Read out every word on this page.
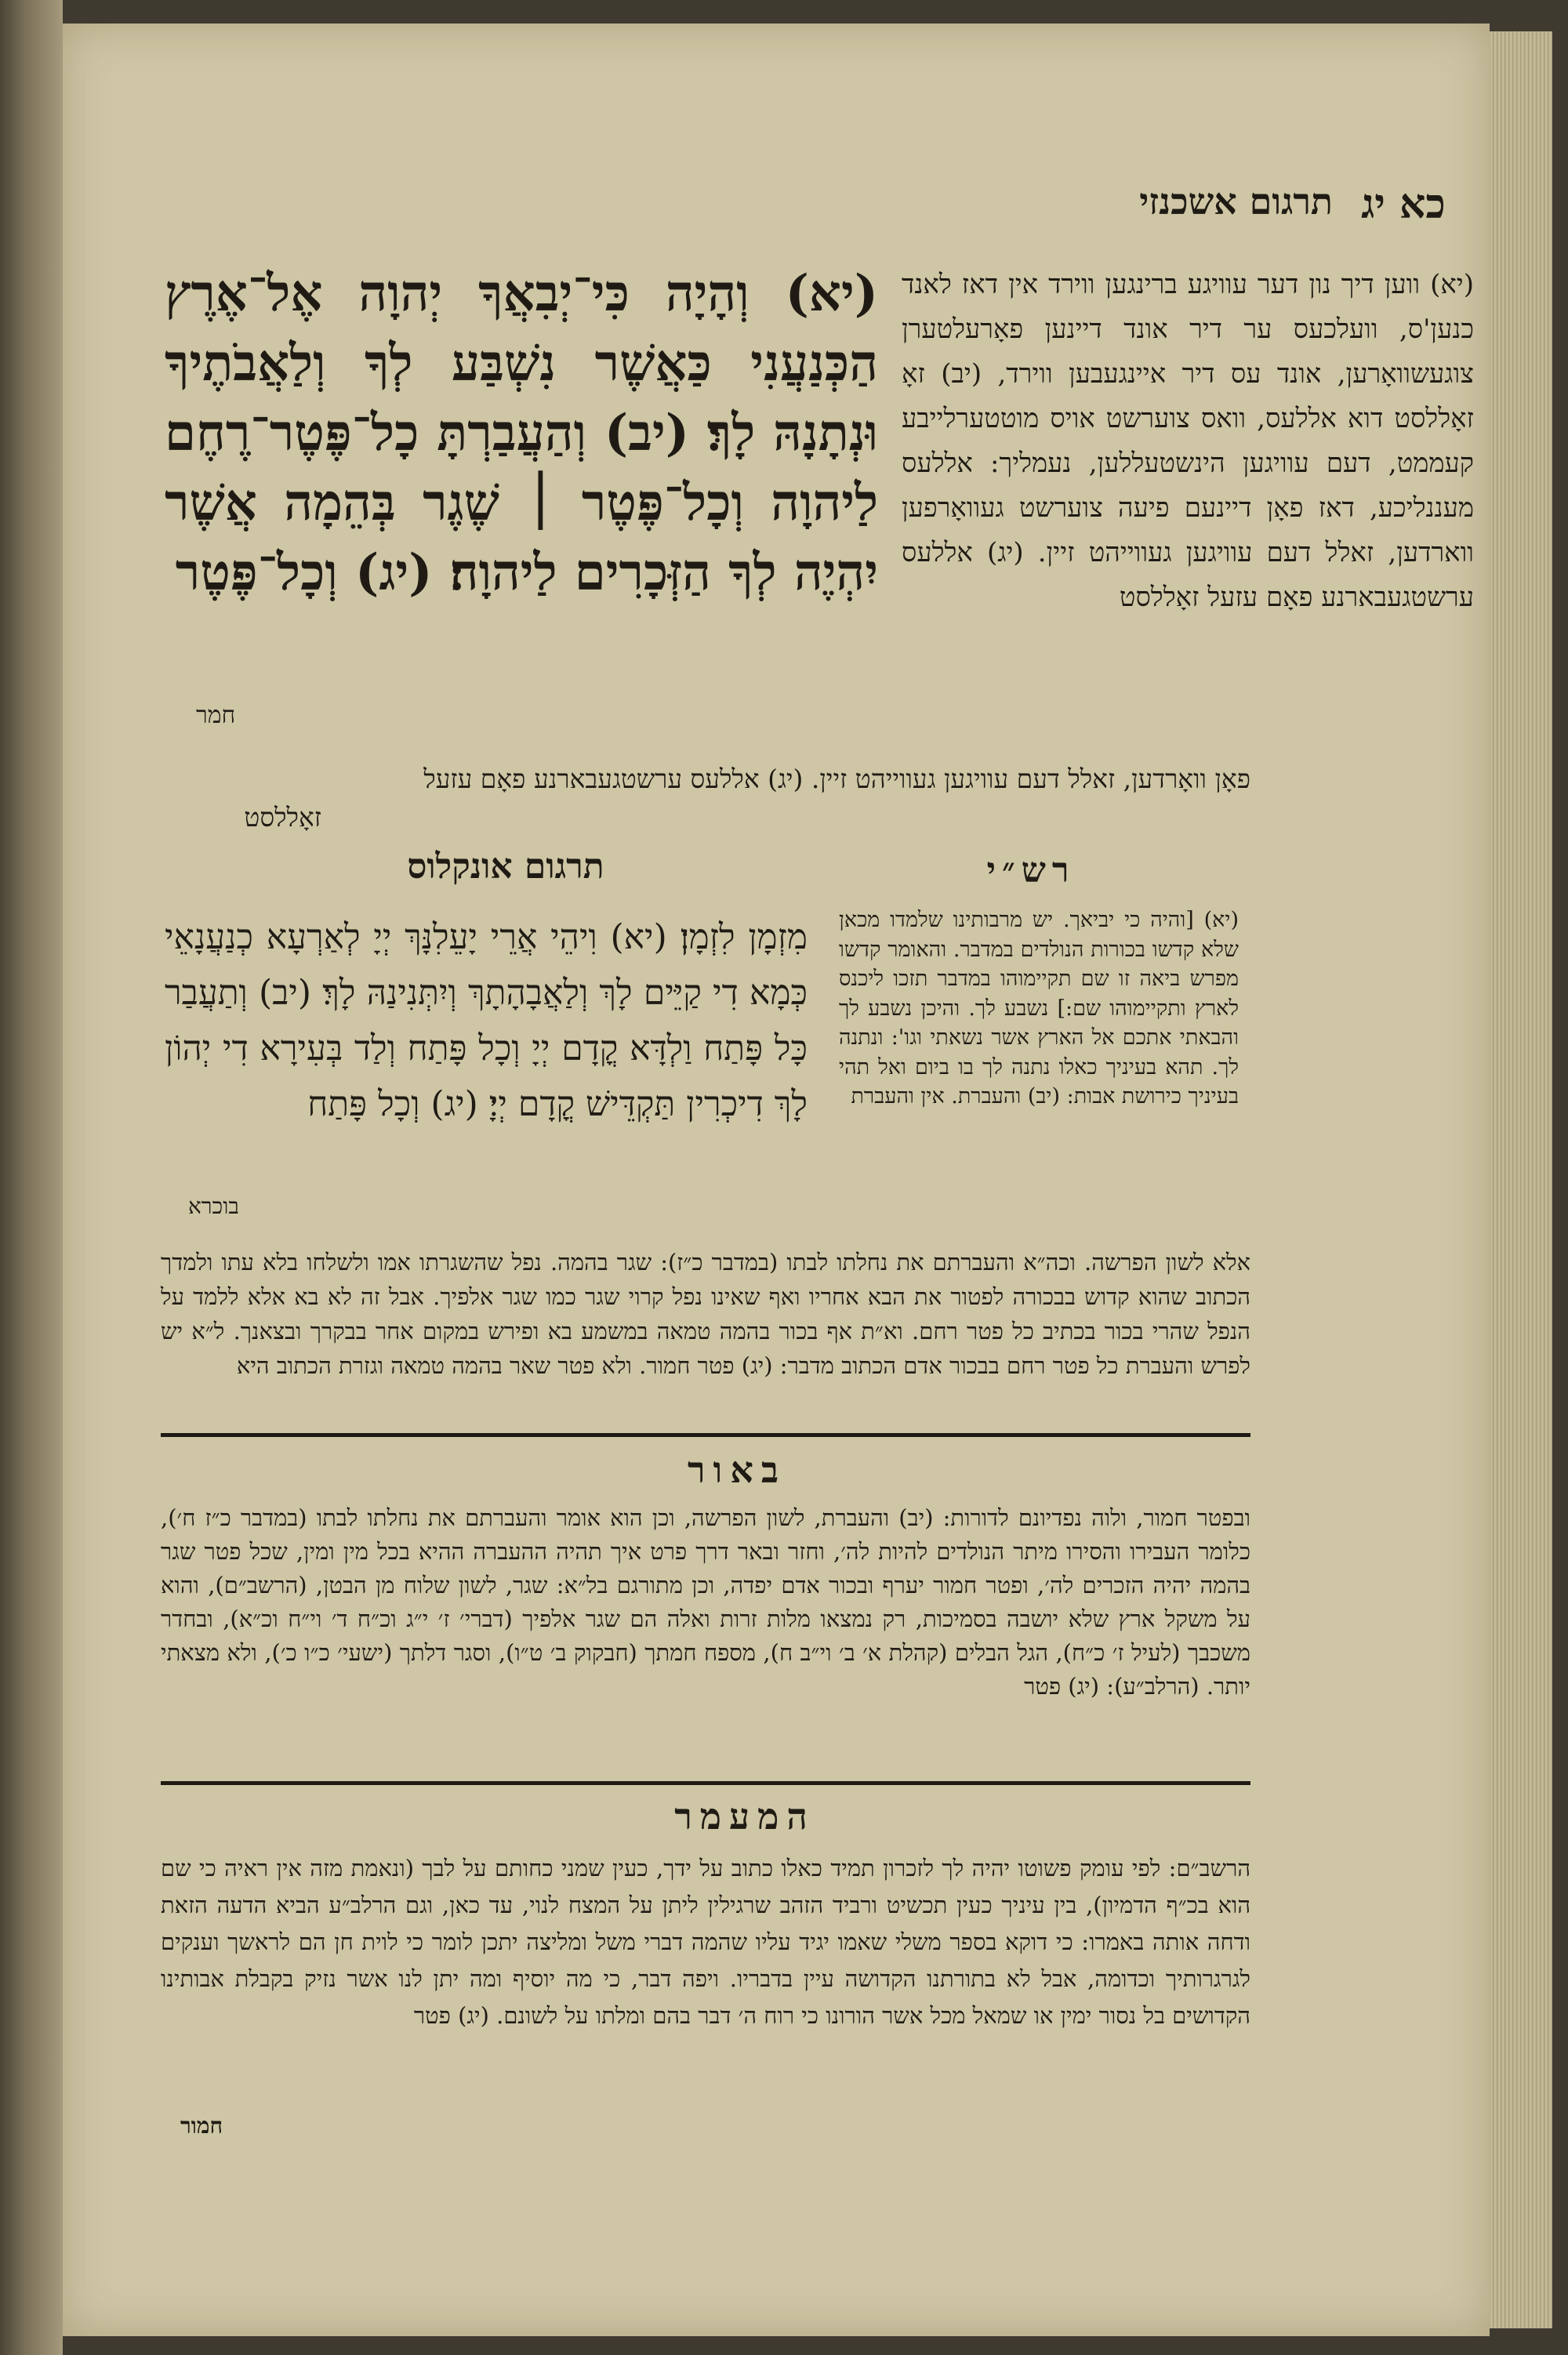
כא יג
תרגום אשכנזי
(יא) ווען דיך נון דער עוויגע ברינגען ווירד אין דאז לאנד כנען'ס, וועלכעס ער דיר אונד דיינען פאָרעלטערן צוגעשוואָרען, אונד עס דיר איינגעבען ווירד, (יב) זאָ זאָללסט דוא אללעס, וואס צוערשט אויס מוטטערלייבע קעממט, דעם עוויגען הינשטעללען, נעמליך: אללעס מעננליכע, דאז פאָן דיינעם פיעה צוערשט געוואָרפען ווארדען, זאלל דעם עוויגען געווייהט זיין. (יג) אללעס ערשטגעבארנע פאָם עזעל זאָללסט
(יא) וְהָיָה כִּי־יְבִאֲךָ יְהוָה אֶל־אֶרֶץ הַכְּנַעֲנִי כַּאֲשֶׁר נִשְׁבַּע לְךָ וְלַאֲבֹתֶיךָ וּנְתָנָהּ לָךְ׃ (יב) וְהַעֲבַרְתָּ כָל־פֶּטֶר־רֶחֶם לַיהוָה וְכָל־פֶּטֶר ׀ שֶׁגֶר בְּהֵמָה אֲשֶׁר יִהְיֶה לְךָ הַזְּכָרִים לַיהוָה׃ (יג) וְכָל־פֶּטֶר
חמר
פאָן וואָרדען, זאלל דעם עוויגען געווייהט זיין. (יג) אללעס ערשטגעבארנע פאָם עזעל
זאָללסט
רש״י
תרגום אונקלוס
(יא) [והיה כי יביאך. יש מרבותינו שלמדו מכאן שלא קדשו בכורות הנולדים במדבר. והאומר קדשו מפרש ביאה זו שם תקיימוהו במדבר תזכו ליכנס לארץ ותקיימוהו שם:] נשבע לך. והיכן נשבע לך והבאתי אתכם אל הארץ אשר נשאתי וגו': ונתנה לך. תהא בעיניך כאלו נתנה לך בו ביום ואל תהי בעיניך כירושת אבות: (יב) והעברת. אין והעברת
מִזְמָן לִזְמָן׃ (יא) וִיהֵי אֲרֵי יָעֵלִנָּךְ יְיָ לְאַרְעָא כְנַעֲנָאֵי כְּמָא דִי קַיֵּים לָךְ וְלַאֲבָהָתָךְ וְיִתְּנִינַהּ לָךְ׃ (יב) וְתַעֲבַר כָּל פָּתַח וַלְדָּא קֳדָם יְיָ וְכָל פָּתַח וְלַד בְּעִירָא דִי יְהוֹן לָךְ דִיכְרִין תַּקְדֵּישׁ קֳדָם יְיָ׃ (יג) וְכָל פָּתַח
בוכרא
אלא לשון הפרשה. וכה״א והעברתם את נחלתו לבתו (במדבר כ״ז): שגר בהמה. נפל שהשגרתו אמו ולשלחו בלא עתו ולמדך הכתוב שהוא קדוש בבכורה לפטור את הבא אחריו ואף שאינו נפל קרוי שגר כמו שגר אלפיך. אבל זה לא בא אלא ללמד על הנפל שהרי בכור בכתיב כל פטר רחם. וא״ת אף בכור בהמה טמאה במשמע בא ופירש במקום אחר בבקרך ובצאנך. ל״א יש לפרש והעברת כל פטר רחם בבכור אדם הכתוב מדבר: (יג) פטר חמור. ולא פטר שאר בהמה טמאה וגזרת הכתוב היא
באור
ובפטר חמור, ולוה נפדיונם לדורות: (יב) והעברת, לשון הפרשה, וכן הוא אומר והעברתם את נחלתו לבתו (במדבר כ״ז ח׳), כלומר העבירו והסירו מיתר הנולדים להיות לה׳, וחזר ובאר דרך פרט איך תהיה ההעברה ההיא בכל מין ומין, שכל פטר שגר בהמה יהיה הזכרים לה׳, ופטר חמור יערף ובכור אדם יפדה, וכן מתורגם בל״א: שגר, לשון שלוח מן הבטן, (הרשב״ם), והוא על משקל ארץ שלא יושבה בסמיכות, רק נמצאו מלות זרות ואלה הם שגר אלפיך (דברי׳ ז׳ י״ג וכ״ח ד׳ וי״ח וכ״א), ובחדר משכבך (לעיל ז׳ כ״ח), הגל הבלים (קהלת א׳ ב׳ וי״ב ח), מספח חמתך (חבקוק ב׳ ט״ו), וסגר דלתך (ישעי׳ כ״ו כ׳), ולא מצאתי יותר. (הרלב״ע): (יג) פטר
המעמר
הרשב״ם: לפי עומק פשוטו יהיה לך לזכרון תמיד כאלו כתוב על ידך, כעין שמני כחותם על לבך (ונאמת מזה אין ראיה כי שם הוא בכ״ף הדמיון), בין עיניך כעין תכשיט ורביד הזהב שרגילין ליתן על המצח לנוי, עד כאן, וגם הרלב״ע הביא הדעה הזאת ודחה אותה באמרו: כי דוקא בספר משלי שאמו יגיד עליו שהמה דברי משל ומליצה יתכן לומר כי לוית חן הם לראשך וענקים לגרגרותיך וכדומה, אבל לא בתורתנו הקדושה עיין בדבריו. ויפה דבר, כי מה יוסיף ומה יתן לנו אשר נזיק בקבלת אבותינו הקדושים בל נסור ימין או שמאל מכל אשר הורונו כי רוח ה׳ דבר בהם ומלתו על לשונם. (יג) פטר
חמור
